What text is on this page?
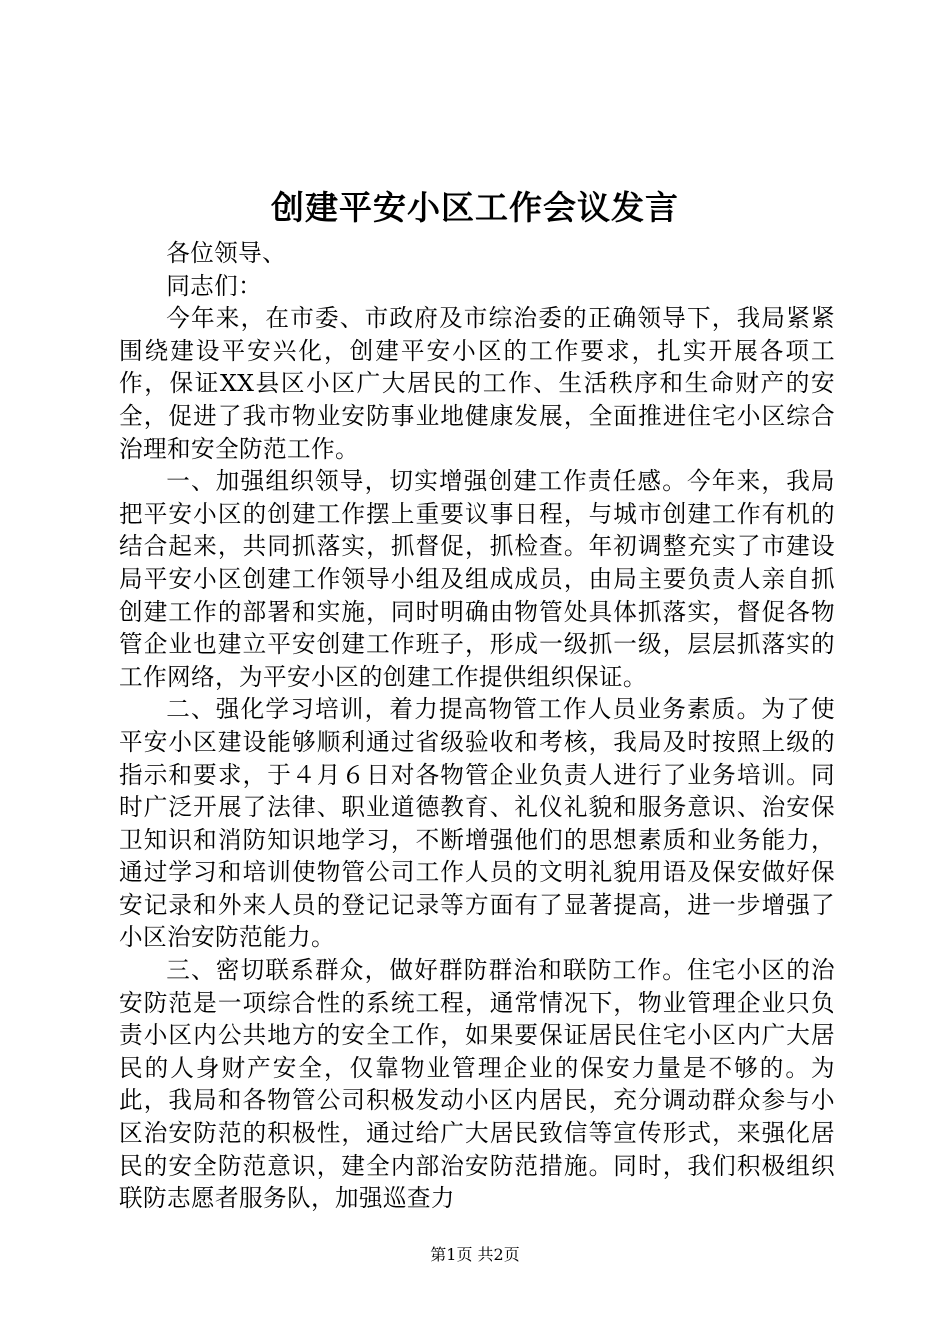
创建平安小区工作会议发言

各位领导、

同志们：

今年来，在市委、市政府及市综治委的正确领导下，我局紧紧围绕建设平安兴化，创建平安小区的工作要求，扎实开展各项工作，保证XX县区小区广大居民的工作、生活秩序和生命财产的安全，促进了我市物业安防事业地健康发展，全面推进住宅小区综合治理和安全防范工作。

一、加强组织领导，切实增强创建工作责任感。今年来，我局把平安小区的创建工作摆上重要议事日程，与城市创建工作有机的结合起来，共同抓落实，抓督促，抓检查。年初调整充实了市建设局平安小区创建工作领导小组及组成成员，由局主要负责人亲自抓创建工作的部署和实施，同时明确由物管处具体抓落实，督促各物管企业也建立平安创建工作班子，形成一级抓一级，层层抓落实的工作网络，为平安小区的创建工作提供组织保证。

二、强化学习培训，着力提高物管工作人员业务素质。为了使平安小区建设能够顺利通过省级验收和考核，我局及时按照上级的指示和要求，于４月６日对各物管企业负责人进行了业务培训。同时广泛开展了法律、职业道德教育、礼仪礼貌和服务意识、治安保卫知识和消防知识地学习，不断增强他们的思想素质和业务能力，通过学习和培训使物管公司工作人员的文明礼貌用语及保安做好保安记录和外来人员的登记记录等方面有了显著提高，进一步增强了小区治安防范能力。

三、密切联系群众，做好群防群治和联防工作。住宅小区的治安防范是一项综合性的系统工程，通常情况下，物业管理企业只负责小区内公共地方的安全工作，如果要保证居民住宅小区内广大居民的人身财产安全，仅靠物业管理企业的保安力量是不够的。为此，我局和各物管公司积极发动小区内居民，充分调动群众参与小区治安防范的积极性，通过给广大居民致信等宣传形式，来强化居民的安全防范意识，建全内部治安防范措施。同时，我们积极组织联防志愿者服务队，加强巡查力

第1页 共2页
